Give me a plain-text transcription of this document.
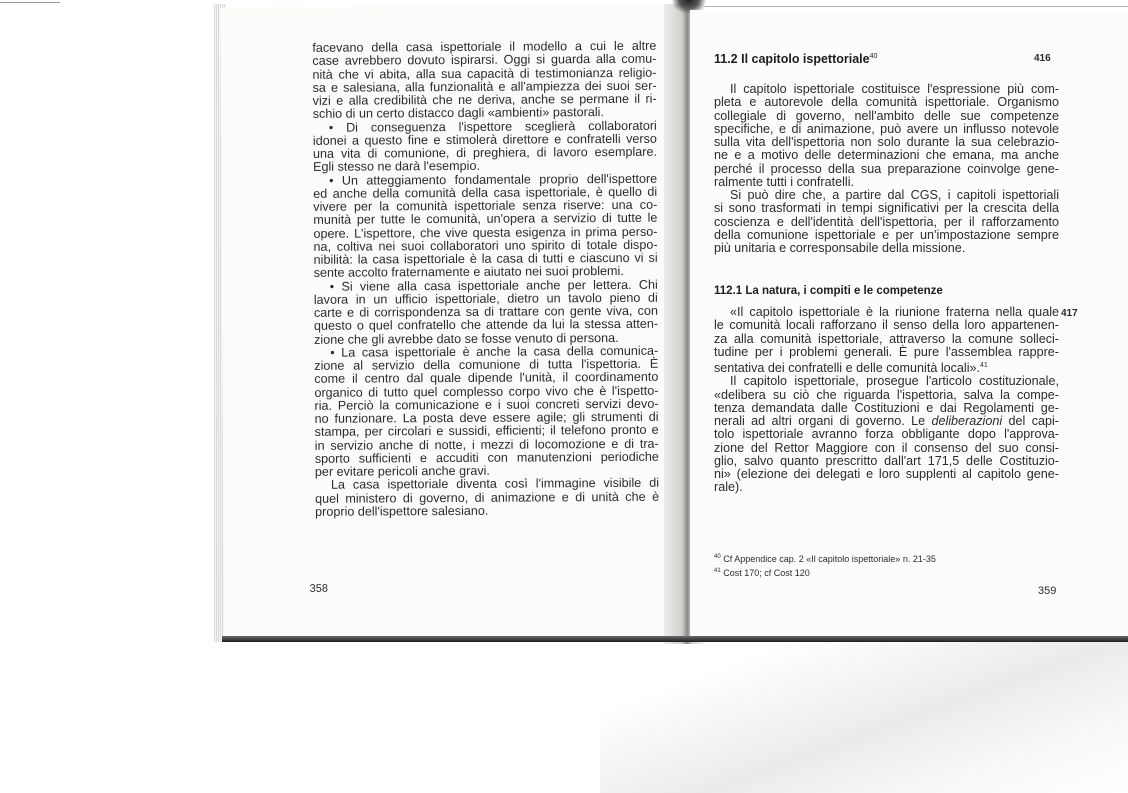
facevano della casa ispettoriale il modello a cui le altre
case avrebbero dovuto ispirarsi. Oggi si guarda alla comu-
nità che vi abita, alla sua capacità di testimonianza religio-
sa e salesiana, alla funzionalità e all'ampiezza dei suoi ser-
vizi e alla credibilità che ne deriva, anche se permane il ri-
schio di un certo distacco dagli «ambienti» pastorali.
• Di conseguenza l'ispettore sceglierà collaboratori
idonei a questo fine e stimolerà direttore e confratelli verso
una vita di comunione, di preghiera, di lavoro esemplare.
Egli stesso ne darà l'esempio.
• Un atteggiamento fondamentale proprio dell'ispettore
ed anche della comunità della casa ispettoriale, è quello di
vivere per la comunità ispettoriale senza riserve: una co-
munità per tutte le comunità, un'opera a servizio di tutte le
opere. L'ispettore, che vive questa esigenza in prima perso-
na, coltiva nei suoi collaboratori uno spirito di totale dispo-
nibilità: la casa ispettoriale è la casa di tutti e ciascuno vi si
sente accolto fraternamente e aiutato nei suoi problemi.
• Si viene alla casa ispettoriale anche per lettera. Chi
lavora in un ufficio ispettoriale, dietro un tavolo pieno di
carte e di corrispondenza sa di trattare con gente viva, con
questo o quel confratello che attende da lui la stessa atten-
zione che gli avrebbe dato se fosse venuto di persona.
• La casa ispettoriale è anche la casa della comunica-
zione al servizio della comunione di tutta l'ispettoria. È
come il centro dal quale dipende l'unità, il coordinamento
organico di tutto quel complesso corpo vivo che è l'ispetto-
ria. Perciò la comunicazione e i suoi concreti servizi devo-
no funzionare. La posta deve essere agile; gli strumenti di
stampa, per circolari e sussidi, efficienti; il telefono pronto e
in servizio anche di notte, i mezzi di locomozione e di tra-
sporto sufficienti e accuditi con manutenzioni periodiche
per evitare pericoli anche gravi.
La casa ispettoriale diventa così l'immagine visibile di
quel ministero di governo, di animazione e di unità che è
proprio dell'ispettore salesiano.
358
11.2 Il capitolo ispettoriale$^{40}$	416
Il capitolo ispettoriale costituisce l'espressione più com-
pleta e autorevole della comunità ispettoriale. Organismo
collegiale di governo, nell'ambito delle sue competenze
specifiche, e di animazione, può avere un influsso notevole
sulla vita dell'ispettoria non solo durante la sua celebrazio-
ne e a motivo delle determinazioni che emana, ma anche
perché il processo della sua preparazione coinvolge gene-
ralmente tutti i confratelli.
Si può dire che, a partire dal CGS, i capitoli ispettoriali
si sono trasformati in tempi significativi per la crescita della
coscienza e dell'identità dell'ispettoria, per il rafforzamento
della comunione ispettoriale e per un'impostazione sempre
più unitaria e corresponsabile della missione.
112.1 La natura, i compiti e le competenze
417
«Il capitolo ispettoriale è la riunione fraterna nella quale
le comunità locali rafforzano il senso della loro appartenen-
za alla comunità ispettoriale, attraverso la comune solleci-
tudine per i problemi generali. È pure l'assemblea rappre-
sentativa dei confratelli e delle comunità locali».$^{41}$
Il capitolo ispettoriale, prosegue l'articolo costituzionale,
«delibera su ciò che riguarda l'ispettoria, salva la compe-
tenza demandata dalle Costituzioni e dai Regolamenti ge-
nerali ad altri organi di governo. Le deliberazioni del capi-
tolo ispettoriale avranno forza obbligante dopo l'approva-
zione del Rettor Maggiore con il consenso del suo consi-
glio, salvo quanto prescritto dall'art 171,5 delle Costituzio-
ni» (elezione dei delegati e loro supplenti al capitolo gene-
rale).
$^{40}$ Cf Appendice cap. 2 «Il capitolo ispettoriale» n. 21-35
$^{41}$ Cost 170; cf Cost 120
359
